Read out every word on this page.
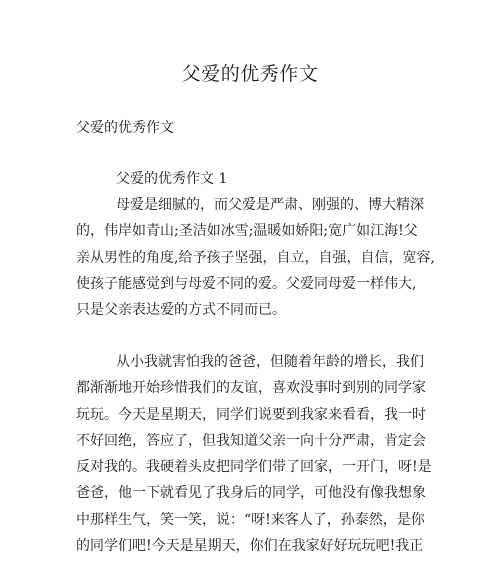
父爱的优秀作文
父爱的优秀作文
父爱的优秀作文 1
母爱是细腻的，而父爱是严肃、刚强的、博大精深
的，伟岸如青山;圣洁如冰雪;温暖如娇阳;宽广如江海!父
亲从男性的角度,给予孩子坚强，自立，自强，自信，宽容,
使孩子能感觉到与母爱不同的爱。父爱同母爱一样伟大,
只是父亲表达爱的方式不同而已。
从小我就害怕我的爸爸，但随着年龄的增长，我们
都渐渐地开始珍惜我们的友谊，喜欢没事时到别的同学家
玩玩。今天是星期天，同学们说要到我家来看看，我一时
不好回绝，答应了，但我知道父亲一向十分严肃，肯定会
反对我的。我硬着头皮把同学们带了回家，一开门，呀!是
爸爸，他一下就看见了我身后的同学，可他没有像我想象
中那样生气，笑一笑，说：“呀!来客人了，孙泰然，是你
的同学们吧!今天是星期天，你们在我家好好玩玩吧!我正
